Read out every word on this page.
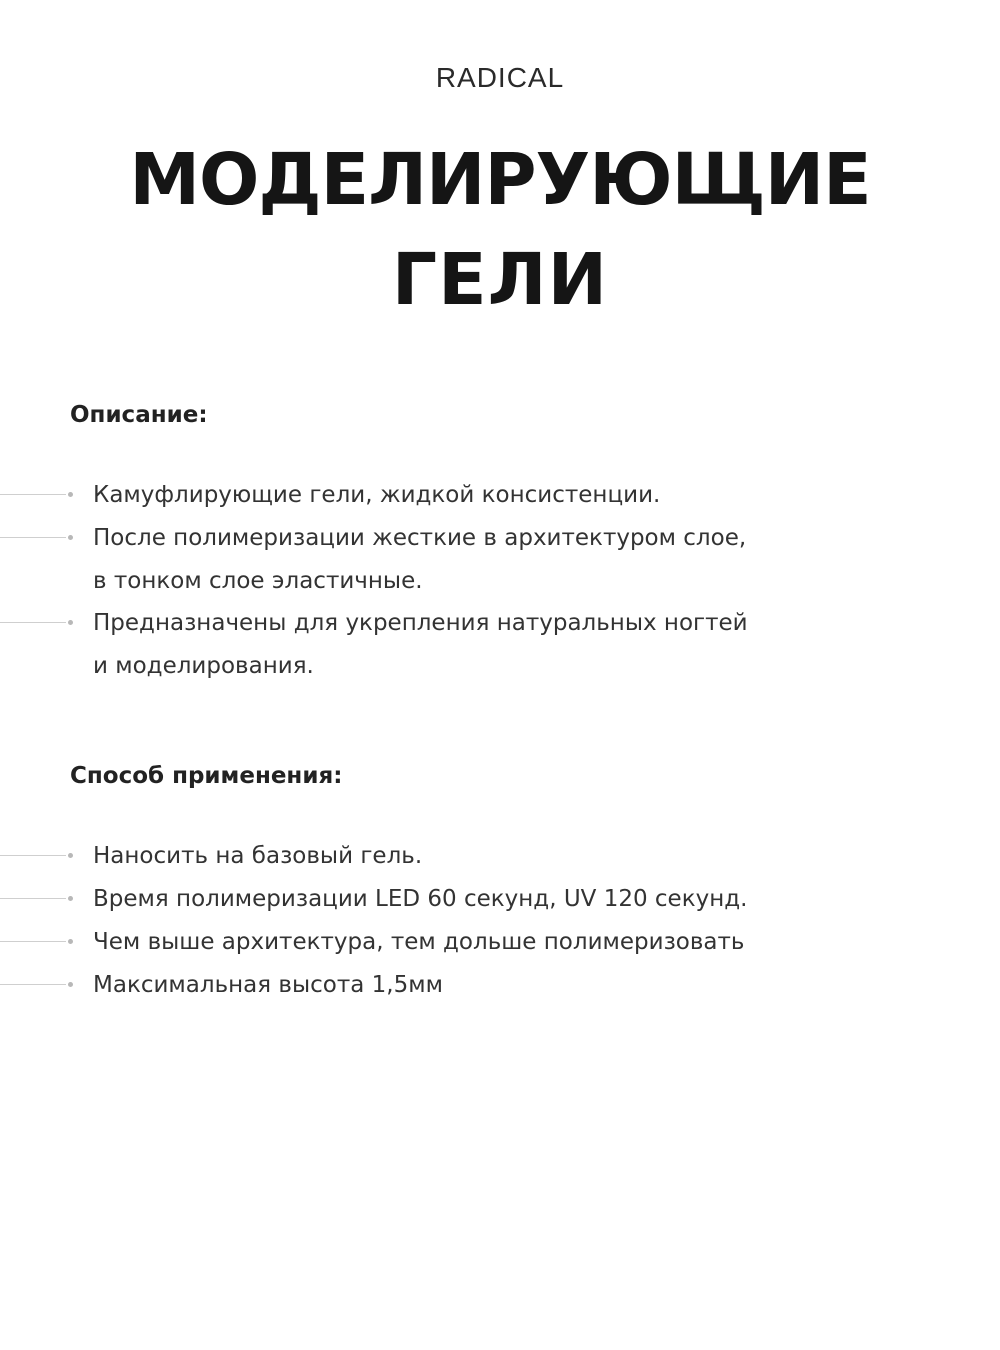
RADICAL
МОДЕЛИРУЮЩИЕ
ГЕЛИ
Описание:
Камуфлирующие гели, жидкой консистенции.
После полимеризации жесткие в архитектуром слое,
в тонком слое эластичные.
Предназначены для укрепления натуральных ногтей
и моделирования.
Способ применения:
Наносить на базовый гель.
Время полимеризации LED 60 секунд, UV 120 секунд.
Чем выше архитектура, тем дольше полимеризовать
Максимальная высота 1,5мм
